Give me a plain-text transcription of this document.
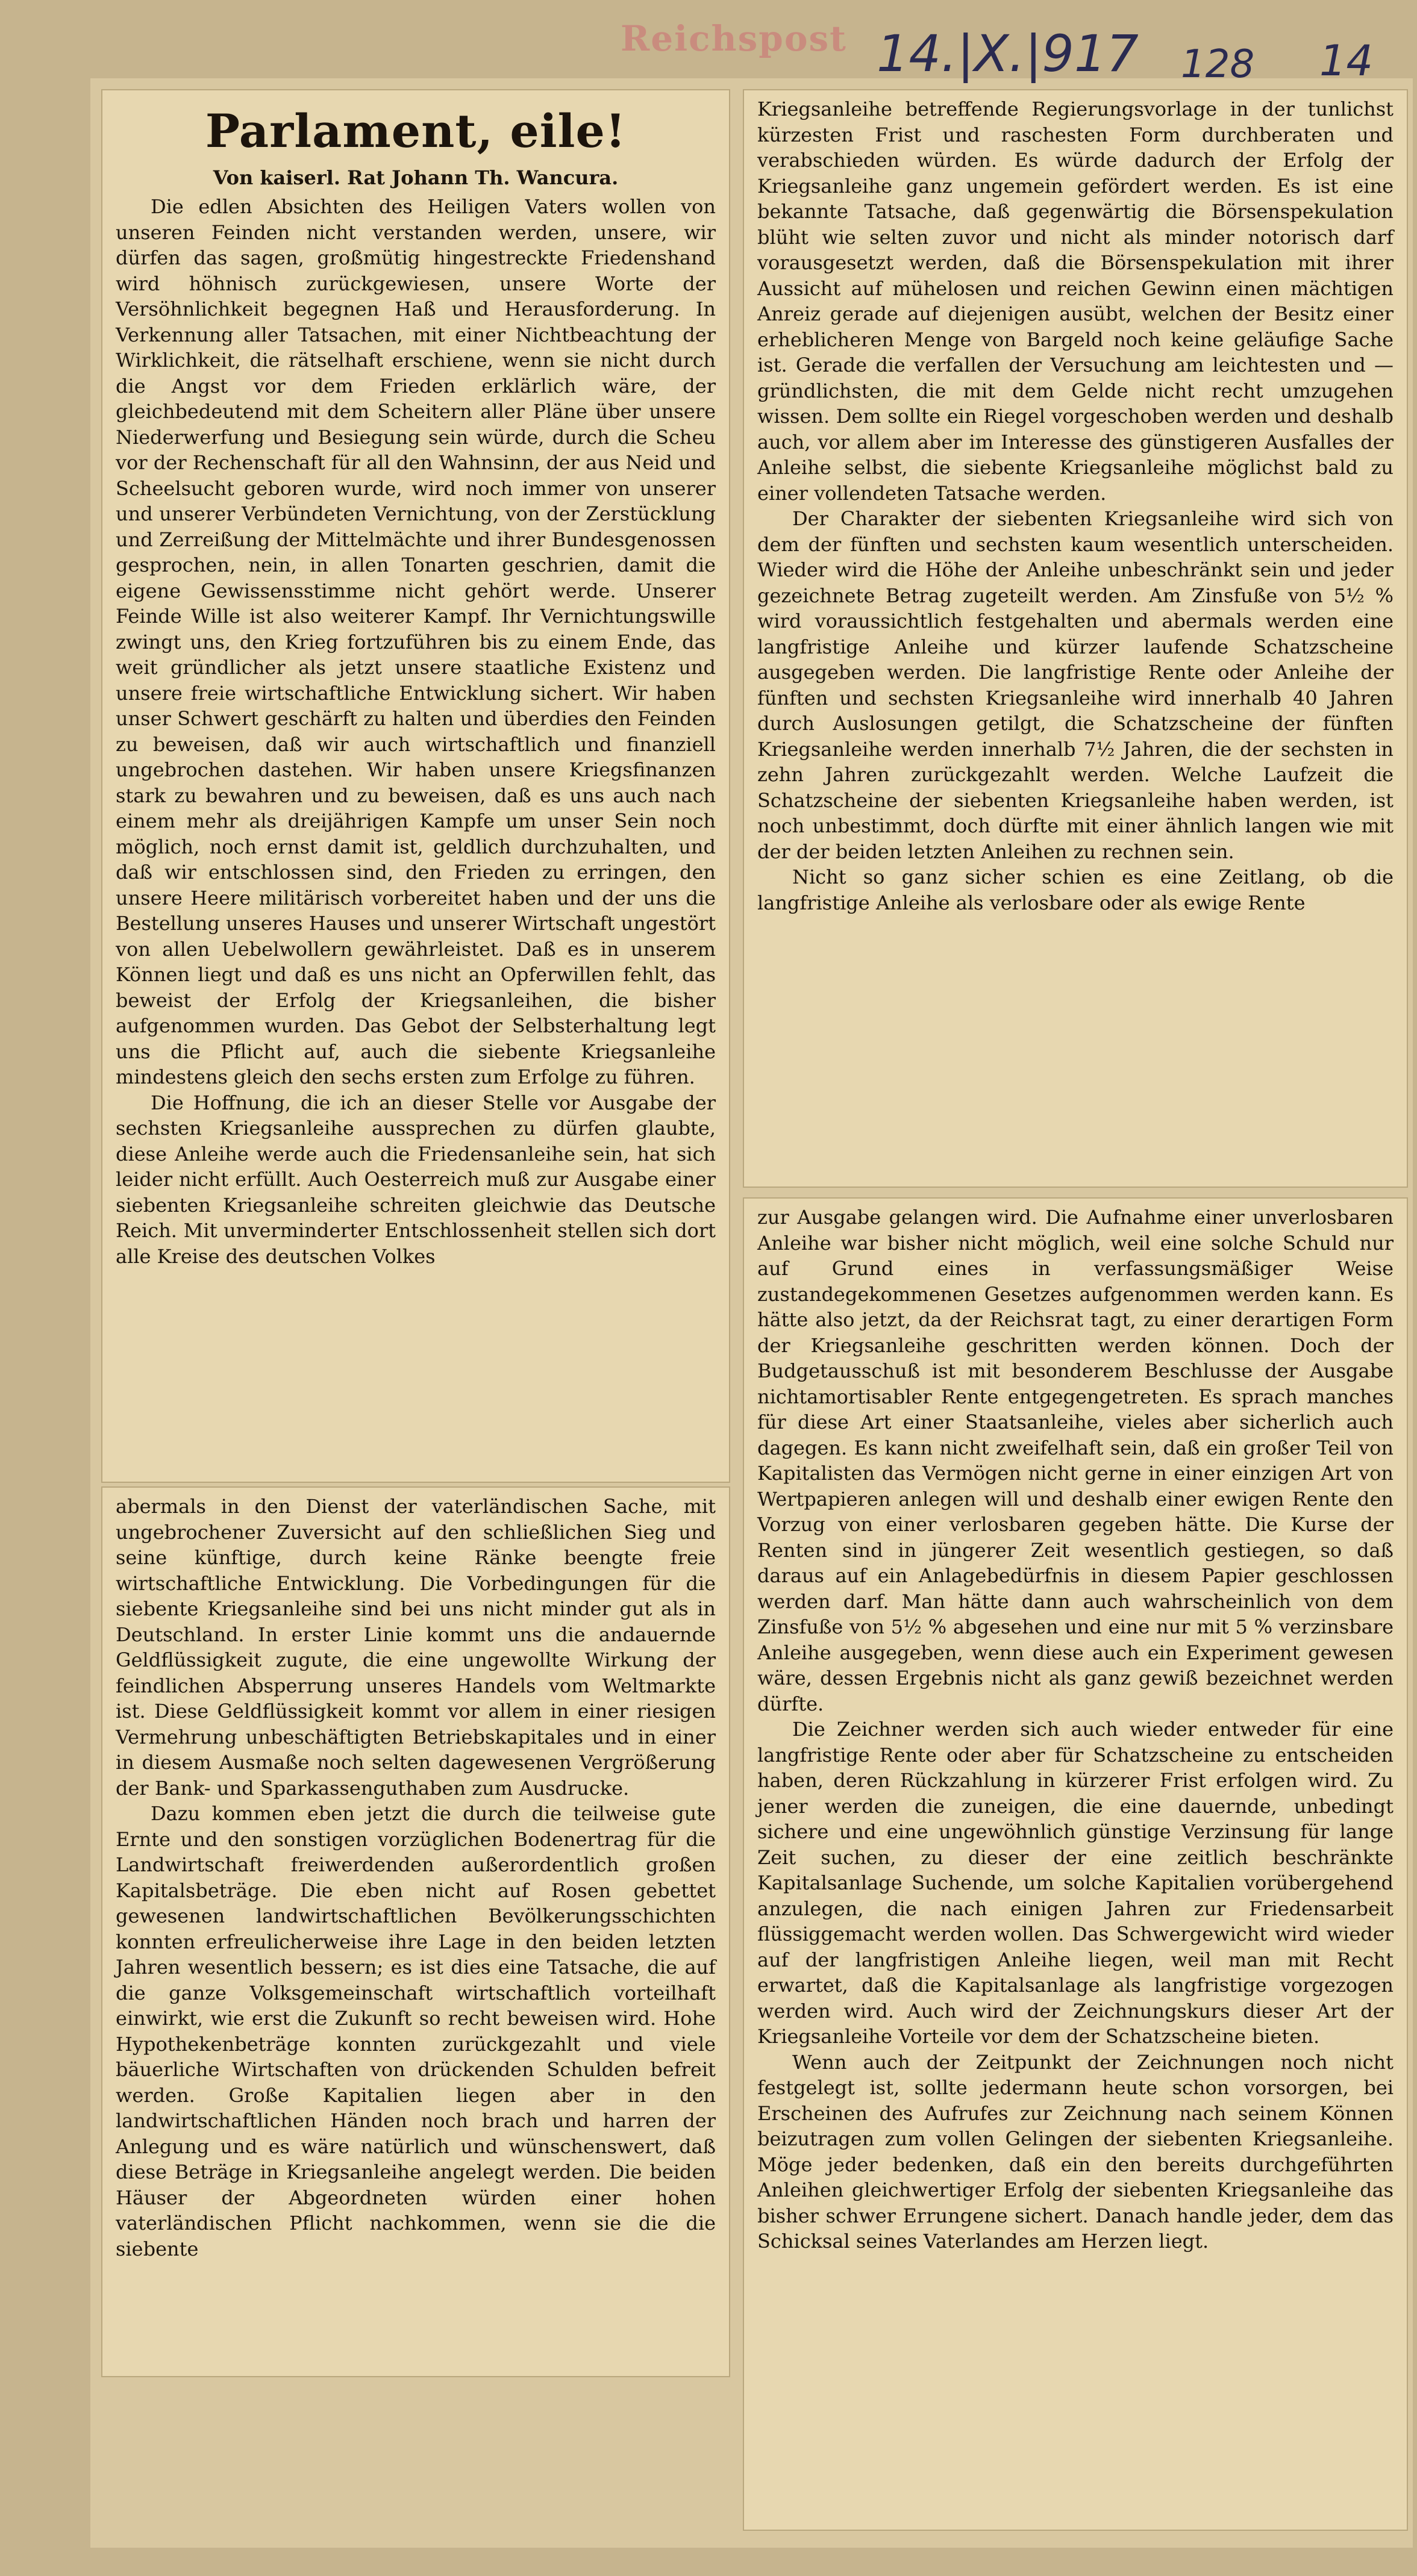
Reichspost 14.|X.|917 128 14
Parlament, eile!
Von kaiserl. Rat Johann Th. Wancura.

Die edlen Absichten des Heiligen Vaters wollen von unseren Feinden nicht verstanden werden, unsere, wir dürfen das sagen, großmütig hingestreckte Friedenshand wird höhnisch zurückgewiesen, unsere Worte der Versöhnlichkeit begegnen Haß und Herausforderung. In Verkennung aller Tatsachen, mit einer Nichtbeachtung der Wirklichkeit, die rätselhaft erschiene, wenn sie nicht durch die Angst vor dem Frieden erklärlich wäre, der gleichbedeutend mit dem Scheitern aller Pläne über unsere Niederwerfung und Besiegung sein würde, durch die Scheu vor der Rechenschaft für all den Wahnsinn, der aus Neid und Scheelsucht geboren wurde, wird noch immer von unserer und unserer Verbündeten Vernichtung, von der Zerstücklung und Zerreißung der Mittelmächte und ihrer Bundesgenossen gesprochen, nein, in allen Tonarten geschrien, damit die eigene Gewissensstimme nicht gehört werde. Unserer Feinde Wille ist also weiterer Kampf. Ihr Vernichtungswille zwingt uns, den Krieg fortzuführen bis zu einem Ende, das weit gründlicher als jetzt unsere staatliche Existenz und unsere freie wirtschaftliche Entwicklung sichert. Wir haben unser Schwert geschärft zu halten und überdies den Feinden zu beweisen, daß wir auch wirtschaftlich und finanziell ungebrochen dastehen. Wir haben unsere Kriegsfinanzen stark zu bewahren und zu beweisen, daß es uns auch nach einem mehr als dreijährigen Kampfe um unser Sein noch möglich, noch ernst damit ist, geldlich durchzuhalten, und daß wir entschlossen sind, den Frieden zu erringen, den unsere Heere militärisch vorbereitet haben und der uns die Bestellung unseres Hauses und unserer Wirtschaft ungestört von allen Uebelwollern gewährleistet. Daß es in unserem Können liegt und daß es uns nicht an Opferwillen fehlt, das beweist der Erfolg der Kriegsanleihen, die bisher aufgenommen wurden. Das Gebot der Selbsterhaltung legt uns die Pflicht auf, auch die siebente Kriegsanleihe mindestens gleich den sechs ersten zum Erfolge zu führen.

Die Hoffnung, die ich an dieser Stelle vor Ausgabe der sechsten Kriegsanleihe aussprechen zu dürfen glaubte, diese Anleihe werde auch die Friedensanleihe sein, hat sich leider nicht erfüllt. Auch Oesterreich muß zur Ausgabe einer siebenten Kriegsanleihe schreiten gleichwie das Deutsche Reich. Mit unverminderter Entschlossenheit stellen sich dort alle Kreise des deutschen Volkes

abermals in den Dienst der vaterländischen Sache, mit ungebrochener Zuversicht auf den schließlichen Sieg und seine künftige, durch keine Ränke beengte freie wirtschaftliche Entwicklung. Die Vorbedingungen für die siebente Kriegsanleihe sind bei uns nicht minder gut als in Deutschland. In erster Linie kommt uns die andauernde Geldflüssigkeit zugute, die eine ungewollte Wirkung der feindlichen Absperrung unseres Handels vom Weltmarkte ist. Diese Geldflüssigkeit kommt vor allem in einer riesigen Vermehrung unbeschäftigten Betriebskapitales und in einer in diesem Ausmaße noch selten dagewesenen Vergrößerung der Bank- und Sparkassenguthaben zum Ausdrucke.

Dazu kommen eben jetzt die durch die teilweise gute Ernte und den sonstigen vorzüglichen Bodenertrag für die Landwirtschaft freiwerdenden außerordentlich großen Kapitalsbeträge. Die eben nicht auf Rosen gebettet gewesenen landwirtschaftlichen Bevölkerungsschichten konnten erfreulicherweise ihre Lage in den beiden letzten Jahren wesentlich bessern; es ist dies eine Tatsache, die auf die ganze Volksgemeinschaft wirtschaftlich vorteilhaft einwirkt, wie erst die Zukunft so recht beweisen wird. Hohe Hypothekenbeträge konnten zurückgezahlt und viele bäuerliche Wirtschaften von drückenden Schulden befreit werden. Große Kapitalien liegen aber in den landwirtschaftlichen Händen noch brach und harren der Anlegung und es wäre natürlich und wünschenswert, daß diese Beträge in Kriegsanleihe angelegt werden. Die beiden Häuser der Abgeordneten würden einer hohen vaterländischen Pflicht nachkommen, wenn sie die die siebente

Kriegsanleihe betreffende Regierungsvorlage in der tunlichst kürzesten Frist und raschesten Form durchberaten und verabschieden würden. Es würde dadurch der Erfolg der Kriegsanleihe ganz ungemein gefördert werden. Es ist eine bekannte Tatsache, daß gegenwärtig die Börsenspekulation blüht wie selten zuvor und nicht als minder notorisch darf vorausgesetzt werden, daß die Börsenspekulation mit ihrer Aussicht auf mühelosen und reichen Gewinn einen mächtigen Anreiz gerade auf diejenigen ausübt, welchen der Besitz einer erheblicheren Menge von Bargeld noch keine geläufige Sache ist. Gerade die verfallen der Versuchung am leichtesten und — gründlichsten, die mit dem Gelde nicht recht umzugehen wissen. Dem sollte ein Riegel vorgeschoben werden und deshalb auch, vor allem aber im Interesse des günstigeren Ausfalles der Anleihe selbst, die siebente Kriegsanleihe möglichst bald zu einer vollendeten Tatsache werden.

Der Charakter der siebenten Kriegsanleihe wird sich von dem der fünften und sechsten kaum wesentlich unterscheiden. Wieder wird die Höhe der Anleihe unbeschränkt sein und jeder gezeichnete Betrag zugeteilt werden. Am Zinsfuße von 5½ % wird voraussichtlich festgehalten und abermals werden eine langfristige Anleihe und kürzer laufende Schatzscheine ausgegeben werden. Die langfristige Rente oder Anleihe der fünften und sechsten Kriegsanleihe wird innerhalb 40 Jahren durch Auslosungen getilgt, die Schatzscheine der fünften Kriegsanleihe werden innerhalb 7½ Jahren, die der sechsten in zehn Jahren zurückgezahlt werden. Welche Laufzeit die Schatzscheine der siebenten Kriegsanleihe haben werden, ist noch unbestimmt, doch dürfte mit einer ähnlich langen wie mit der der beiden letzten Anleihen zu rechnen sein.

Nicht so ganz sicher schien es eine Zeitlang, ob die langfristige Anleihe als verlosbare oder als ewige Rente

zur Ausgabe gelangen wird. Die Aufnahme einer unverlosbaren Anleihe war bisher nicht möglich, weil eine solche Schuld nur auf Grund eines in verfassungsmäßiger Weise zustandegekommenen Gesetzes aufgenommen werden kann. Es hätte also jetzt, da der Reichsrat tagt, zu einer derartigen Form der Kriegsanleihe geschritten werden können. Doch der Budgetausschuß ist mit besonderem Beschlusse der Ausgabe nichtamortisabler Rente entgegengetreten. Es sprach manches für diese Art einer Staatsanleihe, vieles aber sicherlich auch dagegen. Es kann nicht zweifelhaft sein, daß ein großer Teil von Kapitalisten das Vermögen nicht gerne in einer einzigen Art von Wertpapieren anlegen will und deshalb einer ewigen Rente den Vorzug von einer verlosbaren gegeben hätte. Die Kurse der Renten sind in jüngerer Zeit wesentlich gestiegen, so daß daraus auf ein Anlagebedürfnis in diesem Papier geschlossen werden darf. Man hätte dann auch wahrscheinlich von dem Zinsfuße von 5½ % abgesehen und eine nur mit 5 % verzinsbare Anleihe ausgegeben, wenn diese auch ein Experiment gewesen wäre, dessen Ergebnis nicht als ganz gewiß bezeichnet werden dürfte.

Die Zeichner werden sich auch wieder entweder für eine langfristige Rente oder aber für Schatzscheine zu entscheiden haben, deren Rückzahlung in kürzerer Frist erfolgen wird. Zu jener werden die zuneigen, die eine dauernde, unbedingt sichere und eine ungewöhnlich günstige Verzinsung für lange Zeit suchen, zu dieser der eine zeitlich beschränkte Kapitalsanlage Suchende, um solche Kapitalien vorübergehend anzulegen, die nach einigen Jahren zur Friedensarbeit flüssiggemacht werden wollen. Das Schwergewicht wird wieder auf der langfristigen Anleihe liegen, weil man mit Recht erwartet, daß die Kapitalsanlage als langfristige vorgezogen werden wird. Auch wird der Zeichnungskurs dieser Art der Kriegsanleihe Vorteile vor dem der Schatzscheine bieten.

Wenn auch der Zeitpunkt der Zeichnungen noch nicht festgelegt ist, sollte jedermann heute schon vorsorgen, bei Erscheinen des Aufrufes zur Zeichnung nach seinem Können beizutragen zum vollen Gelingen der siebenten Kriegsanleihe. Möge jeder bedenken, daß ein den bereits durchgeführten Anleihen gleichwertiger Erfolg der siebenten Kriegsanleihe das bisher schwer Errungene sichert. Danach handle jeder, dem das Schicksal seines Vaterlandes am Herzen liegt.
